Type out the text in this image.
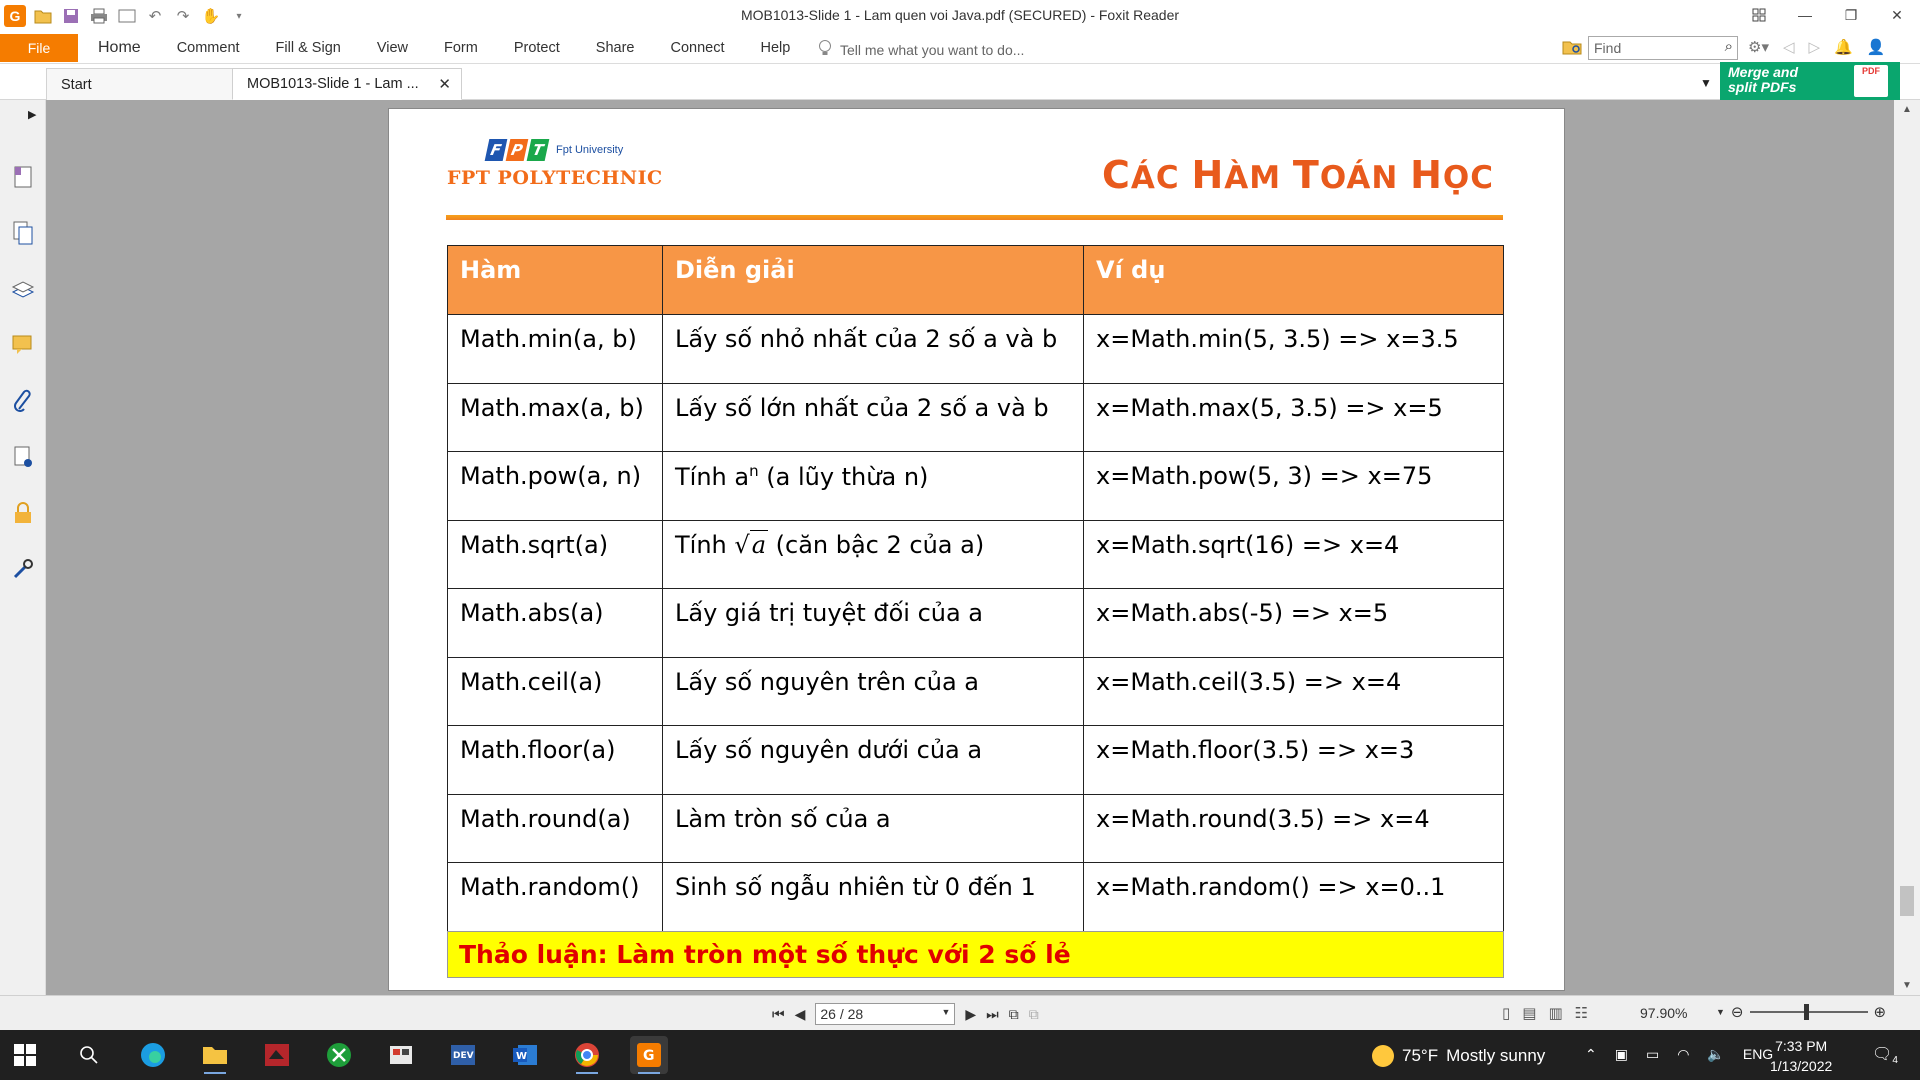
G	↶	↷ ✋	▾	MOB1013-Slide 1 - Lam quen voi Java.pdf (SECURED) - Foxit Reader	—	❐	✕
File	Home	Comment	Fill & Sign	View	Form	Protect	Share	Connect	Help	Tell me what you want to do...	Find	⌕ ⚙▾ ◁ ▷ 🔔 👤
Start	MOB1013-Slide 1 - Lam ... ✕	▼
Merge and
split PDFs
PDF
▶
F P T Fpt University
FPT POLYTECHNIC	CÁC HÀM TOÁN HỌC
Hàm	Diễn giải	Ví dụ
Math.min(a, b)	Lấy số nhỏ nhất của 2 số a và b	x=Math.min(5, 3.5) => x=3.5
Math.max(a, b)	Lấy số lớn nhất của 2 số a và b	x=Math.max(5, 3.5) => x=5
Math.pow(a, n)	Tính $a^n$ (a lũy thừa n)	x=Math.pow(5, 3) => x=75
Math.sqrt(a)	Tính √a (căn bậc 2 của a)	x=Math.sqrt(16) => x=4
Math.abs(a)	Lấy giá trị tuyệt đối của a	x=Math.abs(-5) => x=5
Math.ceil(a)	Lấy số nguyên trên của a	x=Math.ceil(3.5) => x=4
Math.floor(a)	Lấy số nguyên dưới của a	x=Math.floor(3.5) => x=3
Math.round(a)	Làm tròn số của a	x=Math.round(3.5) => x=4
Math.random()	Sinh số ngẫu nhiên từ 0 đến 1	x=Math.random() => x=0..1
Thảo luận: Làm tròn một số thực với 2 số lẻ
▲
▼
⏮ ◀	26 / 28	▼ ▶ ⏭ ⧉ ⧉	▯ ▤ ▥ ☷	97.90%	▼ ⊖	⊕
DEV	W	G	75°F Mostly sunny	⌃ ▣ ▭ ◠ 🔈 ENG 7:33 PM
1/13/2022
$🗨_4$
